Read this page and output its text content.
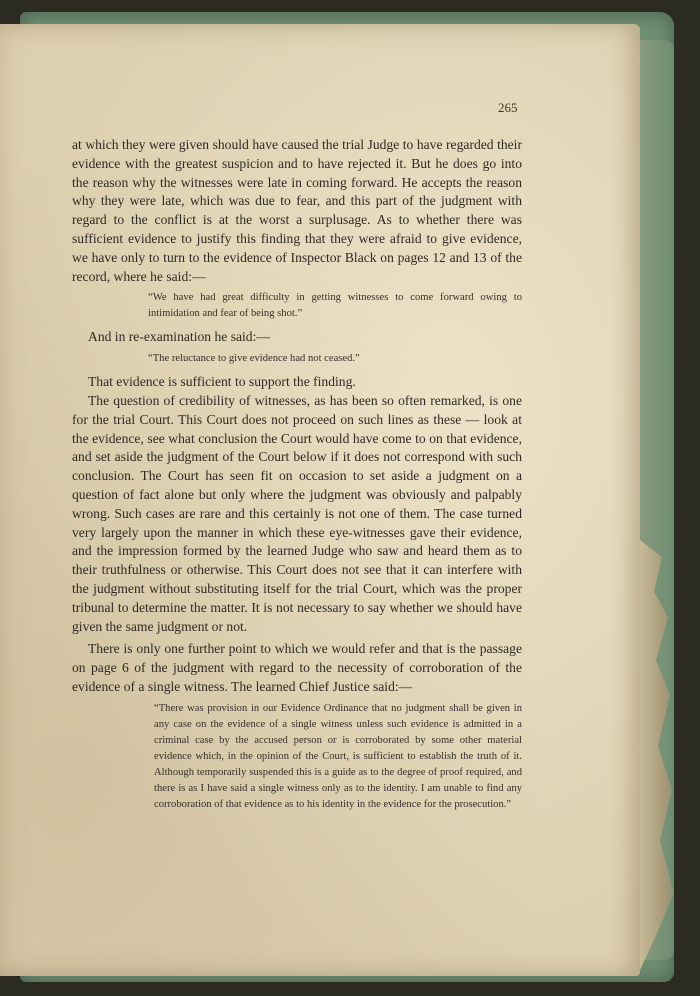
265

at which they were given should have caused the trial Judge to have regarded their evidence with the greatest suspicion and to have rejected it. But he does go into the reason why the witnesses were late in coming forward. He accepts the reason why they were late, which was due to fear, and this part of the judgment with regard to the conflict is at the worst a surplusage. As to whether there was sufficient evidence to justify this finding that they were afraid to give evidence, we have only to turn to the evidence of Inspector Black on pages 12 and 13 of the record, where he said:—

“We have had great difficulty in getting witnesses to come forward owing to intimidation and fear of being shot.”

And in re-examination he said:—

“The reluctance to give evidence had not ceased.”

That evidence is sufficient to support the finding.

The question of credibility of witnesses, as has been so often remarked, is one for the trial Court. This Court does not proceed on such lines as these — look at the evidence, see what conclusion the Court would have come to on that evidence, and set aside the judgment of the Court below if it does not correspond with such conclusion. The Court has seen fit on occasion to set aside a judgment on a question of fact alone but only where the judgment was obviously and palpably wrong. Such cases are rare and this certainly is not one of them. The case turned very largely upon the manner in which these eye-witnesses gave their evidence, and the impression formed by the learned Judge who saw and heard them as to their truthfulness or otherwise. This Court does not see that it can interfere with the judgment without substituting itself for the trial Court, which was the proper tribunal to determine the matter. It is not necessary to say whether we should have given the same judgment or not.

There is only one further point to which we would refer and that is the passage on page 6 of the judgment with regard to the necessity of corroboration of the evidence of a single witness. The learned Chief Justice said:—

“There was provision in our Evidence Ordinance that no judgment shall be given in any case on the evidence of a single witness unless such evidence is admitted in a criminal case by the accused person or is corroborated by some other material evidence which, in the opinion of the Court, is sufficient to establish the truth of it. Although temporarily suspended this is a guide as to the degree of proof required, and there is as I have said a single witness only as to the identity. I am unable to find any corroboration of that evidence as to his identity in the evidence for the prosecution.”
